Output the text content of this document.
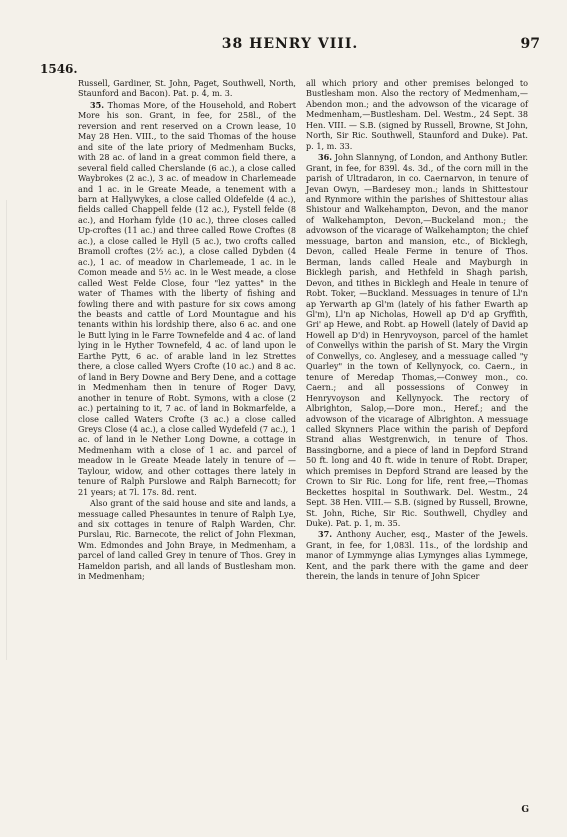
38 HENRY VIII.	97
1546.

Russell, Gardiner, St. John, Paget, Southwell, North, Staunford and Bacon). Pat. p. 4, m. 3.

35. Thomas More, of the Household, and Robert More his son. Grant, in fee, for 258l., of the reversion and rent reserved on a Crown lease, 10 May 28 Hen. VIII., to the said Thomas of the house and site of the late priory of Medmenham Bucks, with 28 ac. of land in a great common field there, a several field called Cherslande (6 ac.), a close called Waybrokes (2 ac.), 3 ac. of meadow in Charlemeade and 1 ac. in le Greate Meade, a tenement with a barn at Hallywykes, a close called Oldefelde (4 ac.), fields called Chappell felde (12 ac.), Fystell felde (8 ac.), and Horham fylde (10 ac.), three closes called Up-croftes (11 ac.) and three called Rowe Croftes (8 ac.), a close called le Hyll (5 ac.), two crofts called Bramoll croftes (2½ ac.), a close called Dybden (4 ac.), 1 ac. of meadow in Charlemeade, 1 ac. in le Comon meade and 5½ ac. in le West meade, a close called West Felde Close, four "lez yattes" in the water of Thames with the liberty of fishing and fowling there and with pasture for six cows among the beasts and cattle of Lord Mountague and his tenants within his lordship there, also 6 ac. and one le Butt lying in le Farre Townefelde and 4 ac. of land lying in le Hyther Townefeld, 4 ac. of land upon le Earthe Pytt, 6 ac. of arable land in lez Strettes there, a close called Wyers Crofte (10 ac.) and 8 ac. of land in Bery Downe and Bery Dene, and a cottage in Medmenham then in tenure of Roger Davy, another in tenure of Robt. Symons, with a close (2 ac.) pertaining to it, 7 ac. of land in Bokmarfelde, a close called Waters Crofte (3 ac.) a close called Greys Close (4 ac.), a close called Wydefeld (7 ac.), 1 ac. of land in le Nether Long Downe, a cottage in Medmenham with a close of 1 ac. and parcel of meadow in le Greate Meade lately in tenure of — Taylour, widow, and other cottages there lately in tenure of Ralph Purslowe and Ralph Barnecott; for 21 years; at 7l. 17s. 8d. rent.

Also grant of the said house and site and lands, a messuage called Phesauntes in tenure of Ralph Lye, and six cottages in tenure of Ralph Warden, Chr. Purslau, Ric. Barnecote, the relict of John Flexman, Wm. Edmondes and John Braye, in Medmenham, a parcel of land called Grey in tenure of Thos. Grey in Hameldon parish, and all lands of Bustlesham mon. in Medmenham;

all which priory and other premises belonged to Bustlesham mon. Also the rectory of Medmenham,—Abendon mon.; and the advowson of the vicarage of Medmenham,—Bustlesham. Del. Westm., 24 Sept. 38 Hen. VIII. — S.B. (signed by Russell, Browne, St John, North, Sir Ric. Southwell, Staunford and Duke). Pat. p. 1, m. 33.

36. John Slannyng, of London, and Anthony Butler. Grant, in fee, for 839l. 4s. 3d., of the corn mill in the parish of Ultradaron, in co. Caernarvon, in tenure of Jevan Owyn, —Bardesey mon.; lands in Shittestour and Rynmore within the parishes of Shittestour alias Shistour and Walkehampton, Devon, and the manor of Walkehampton, Devon,—Buckeland mon.; the advowson of the vicarage of Walkehampton; the chief messuage, barton and mansion, etc., of Bicklegh, Devon, called Heale Ferme in tenure of Thos. Berman, lands called Heale and Mayburgh in Bicklegh parish, and Hethfeld in Shagh parish, Devon, and tithes in Bicklegh and Heale in tenure of Robt. Toker, —Buckland. Messuages in tenure of Ll'n ap Yerwarth ap Gl'm (lately of his father Ewarth ap Gl'm), Ll'n ap Nicholas, Howell ap D'd ap Gryffith, Gri' ap Hewe, and Robt. ap Howell (lately of David ap Howell ap D'd) in Henryvoyson, parcel of the hamlet of Conwellys within the parish of St. Mary the Virgin of Conwellys, co. Anglesey, and a messuage called "y Quarley" in the town of Kellynyock, co. Caern., in tenure of Meredap Thomas,—Conwey mon., co. Caern.; and all possessions of Conwey in Henryvoyson and Kellynyock. The rectory of Albrighton, Salop,—Dore mon., Heref.; and the advowson of the vicarage of Albrighton. A messuage called Skynners Place within the parish of Depford Strand alias Westgrenwich, in tenure of Thos. Bassingborne, and a piece of land in Depford Strand 50 ft. long and 40 ft. wide in tenure of Robt. Draper, which premises in Depford Strand are leased by the Crown to Sir Ric. Long for life, rent free,—Thomas Beckettes hospital in Southwark. Del. Westm., 24 Sept. 38 Hen. VIII.— S.B. (signed by Russell, Browne, St. John, Riche, Sir Ric. Southwell, Chydley and Duke). Pat. p. 1, m. 35.

37. Anthony Aucher, esq., Master of the Jewels. Grant, in fee, for 1,083l. 11s., of the lordship and manor of Lymmynge alias Lymynges alias Lymmege, Kent, and the park there with the game and deer therein, the lands in tenure of John Spicer

G
